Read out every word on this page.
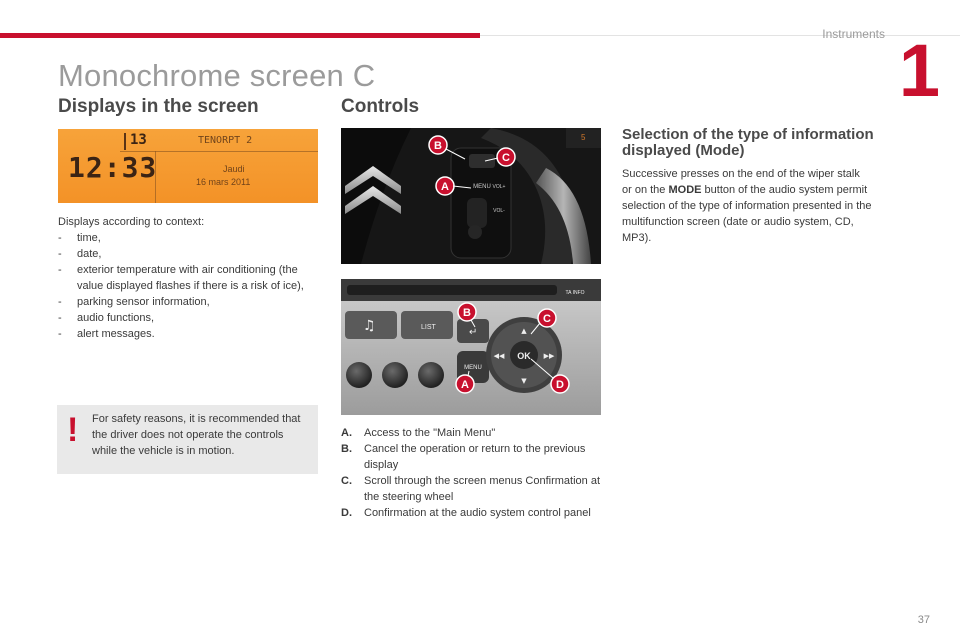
Instruments 1
Monochrome screen C
Displays in the screen
13	TENORPT 2
12:33	Jaudi
16 mars 2011
Displays according to context:
-	time,
-	date,
-	exterior temperature with air conditioning (the value displayed flashes if there is a risk of ice),
-	parking sensor information,
-	audio functions,
-	alert messages.
! For safety reasons, it is recommended that the driver does not operate the controls while the vehicle is in motion.
Controls
MENU VOL+
VOL-
5
B
C
A
TA INFO
♫	LIST	↵
MENU
OK
▲
▼
◀◀	▶▶
B	C
A	D
A.	Access to the "Main Menu"
B.	Cancel the operation or return to the previous display
C.	Scroll through the screen menus Confirmation at the steering wheel
D.	Confirmation at the audio system control panel
Selection of the type of information displayed (Mode)
Successive presses on the end of the wiper stalk or on the MODE button of the audio system permit selection of the type of information presented in the multifunction screen (date or audio system, CD, MP3).
37
